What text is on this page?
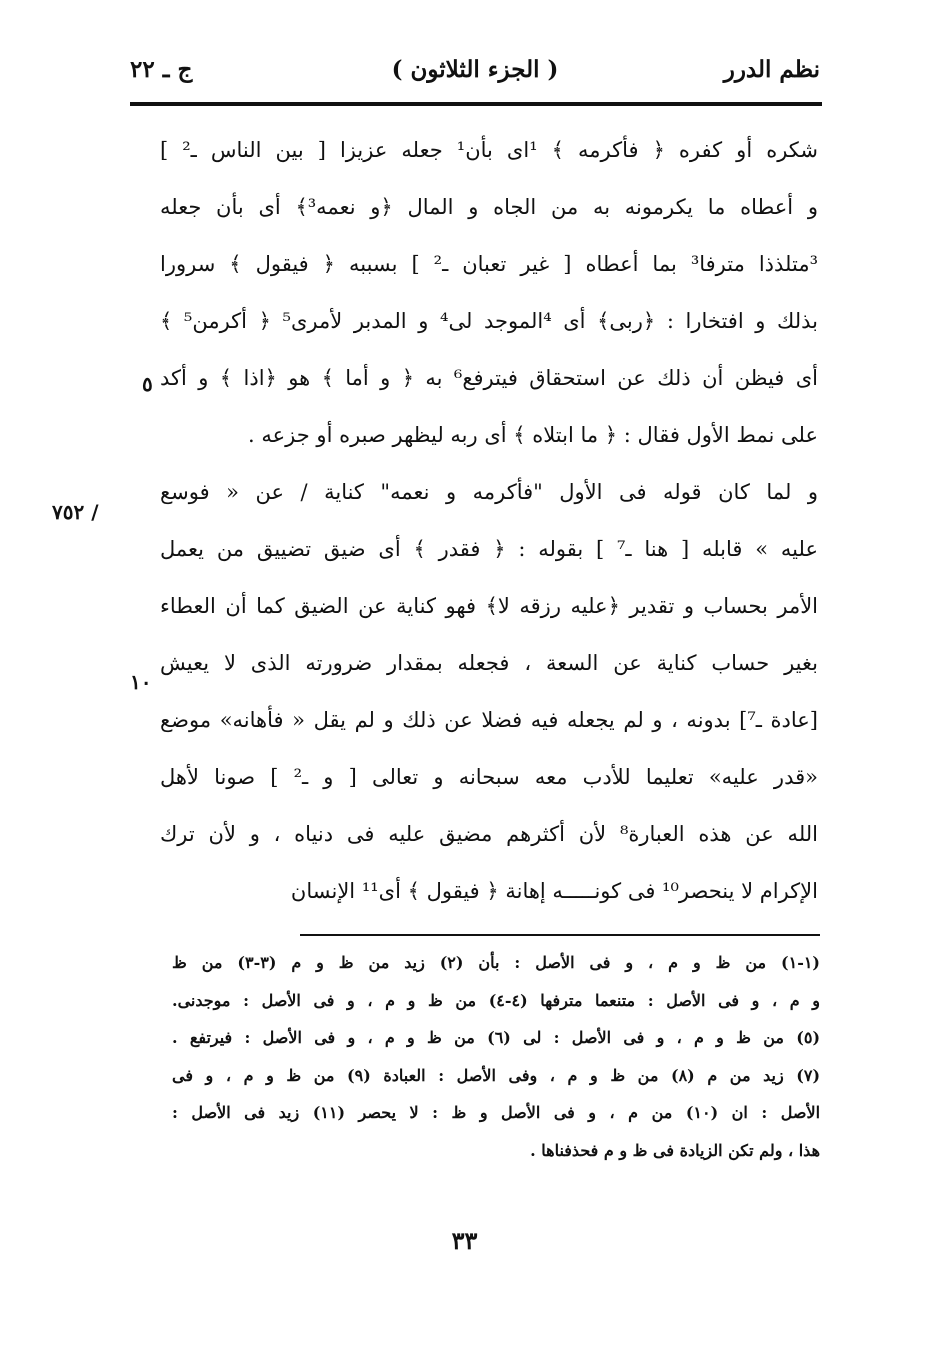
نظم الدرر
( الجزء الثلاثون )
ج ـ ٢٢
شكره أو كفره ﴿ فأكرمه ﴾ ¹اى بأن¹ جعله عزيزا [ بين الناس ـ² ]
و أعطاه ما يكرمونه به من الجاه و المال ﴿و نعمه³﴾ أى بأن جعله
³متلذذا مترفا³ بما أعطاه [ غير تعبان ـ² ] بسببه ﴿ فيقول ﴾ سرورا
بذلك و افتخارا : ﴿ربى﴾ أى ⁴الموجد لى⁴ و المدبر لأمرى⁵ ﴿ أكرمن⁵ ﴾
أى فيظن أن ذلك عن استحقاق فيترفع⁶ به ﴿ و أما ﴾ هو ﴿اذا ﴾ و أكد
على نمط الأول فقال : ﴿ ما ابتلاه ﴾ أى ربه ليظهر صبره أو جزعه .
و لما كان قوله فى الأول "فأكرمه و نعمه" كناية / عن « فوسع
عليه » قابله [ هنا ـ⁷ ] بقوله : ﴿ فقدر ﴾ أى ضيق تضييق من يعمل
الأمر بحساب و تقدير ﴿عليه رزقه لا﴾ فهو كناية عن الضيق كما أن العطاء
بغير حساب كناية عن السعة ، فجعله بمقدار ضرورته الذى لا يعيش
[عادة ـ⁷] بدونه ، و لم يجعله فيه فضلا عن ذلك و لم يقل « فأهانه» موضع
«قدر عليه» تعليما للأدب معه سبحانه و تعالى [ و ـ² ] صونا لأهل
الله عن هذه العبارة⁸ لأن أكثرهم مضيق عليه فى دنياه ، و لأن ترك
الإكرام لا ينحصر¹⁰ فى كونـــــه إهانة ﴿ فيقول ﴾ أى¹¹ الإنسان
٥
١٠
٧٥٢ /
(١-١) من ظ و م ، و فى الأصل : بأن (٢) زيد من ظ و م (٣-٣) من ظ
و م ، و فى الأصل : متنعما مترفها (٤-٤) من ظ و م ، و فى الأصل : موجدنى.
(٥) من ظ و م ، و فى الأصل : لى (٦) من ظ و م ، و فى الأصل : فيرتفع .
(٧) زيد من م (٨) من ظ و م ، وفى الأصل : العبادة (٩) من ظ و م ، و فى
الأصل : ان (١٠) من م ، و فى الأصل و ظ : لا يحصر (١١) زيد فى الأصل :
هذا ، ولم تكن الزيادة فى ظ و م فحذفناها .
٣٣
